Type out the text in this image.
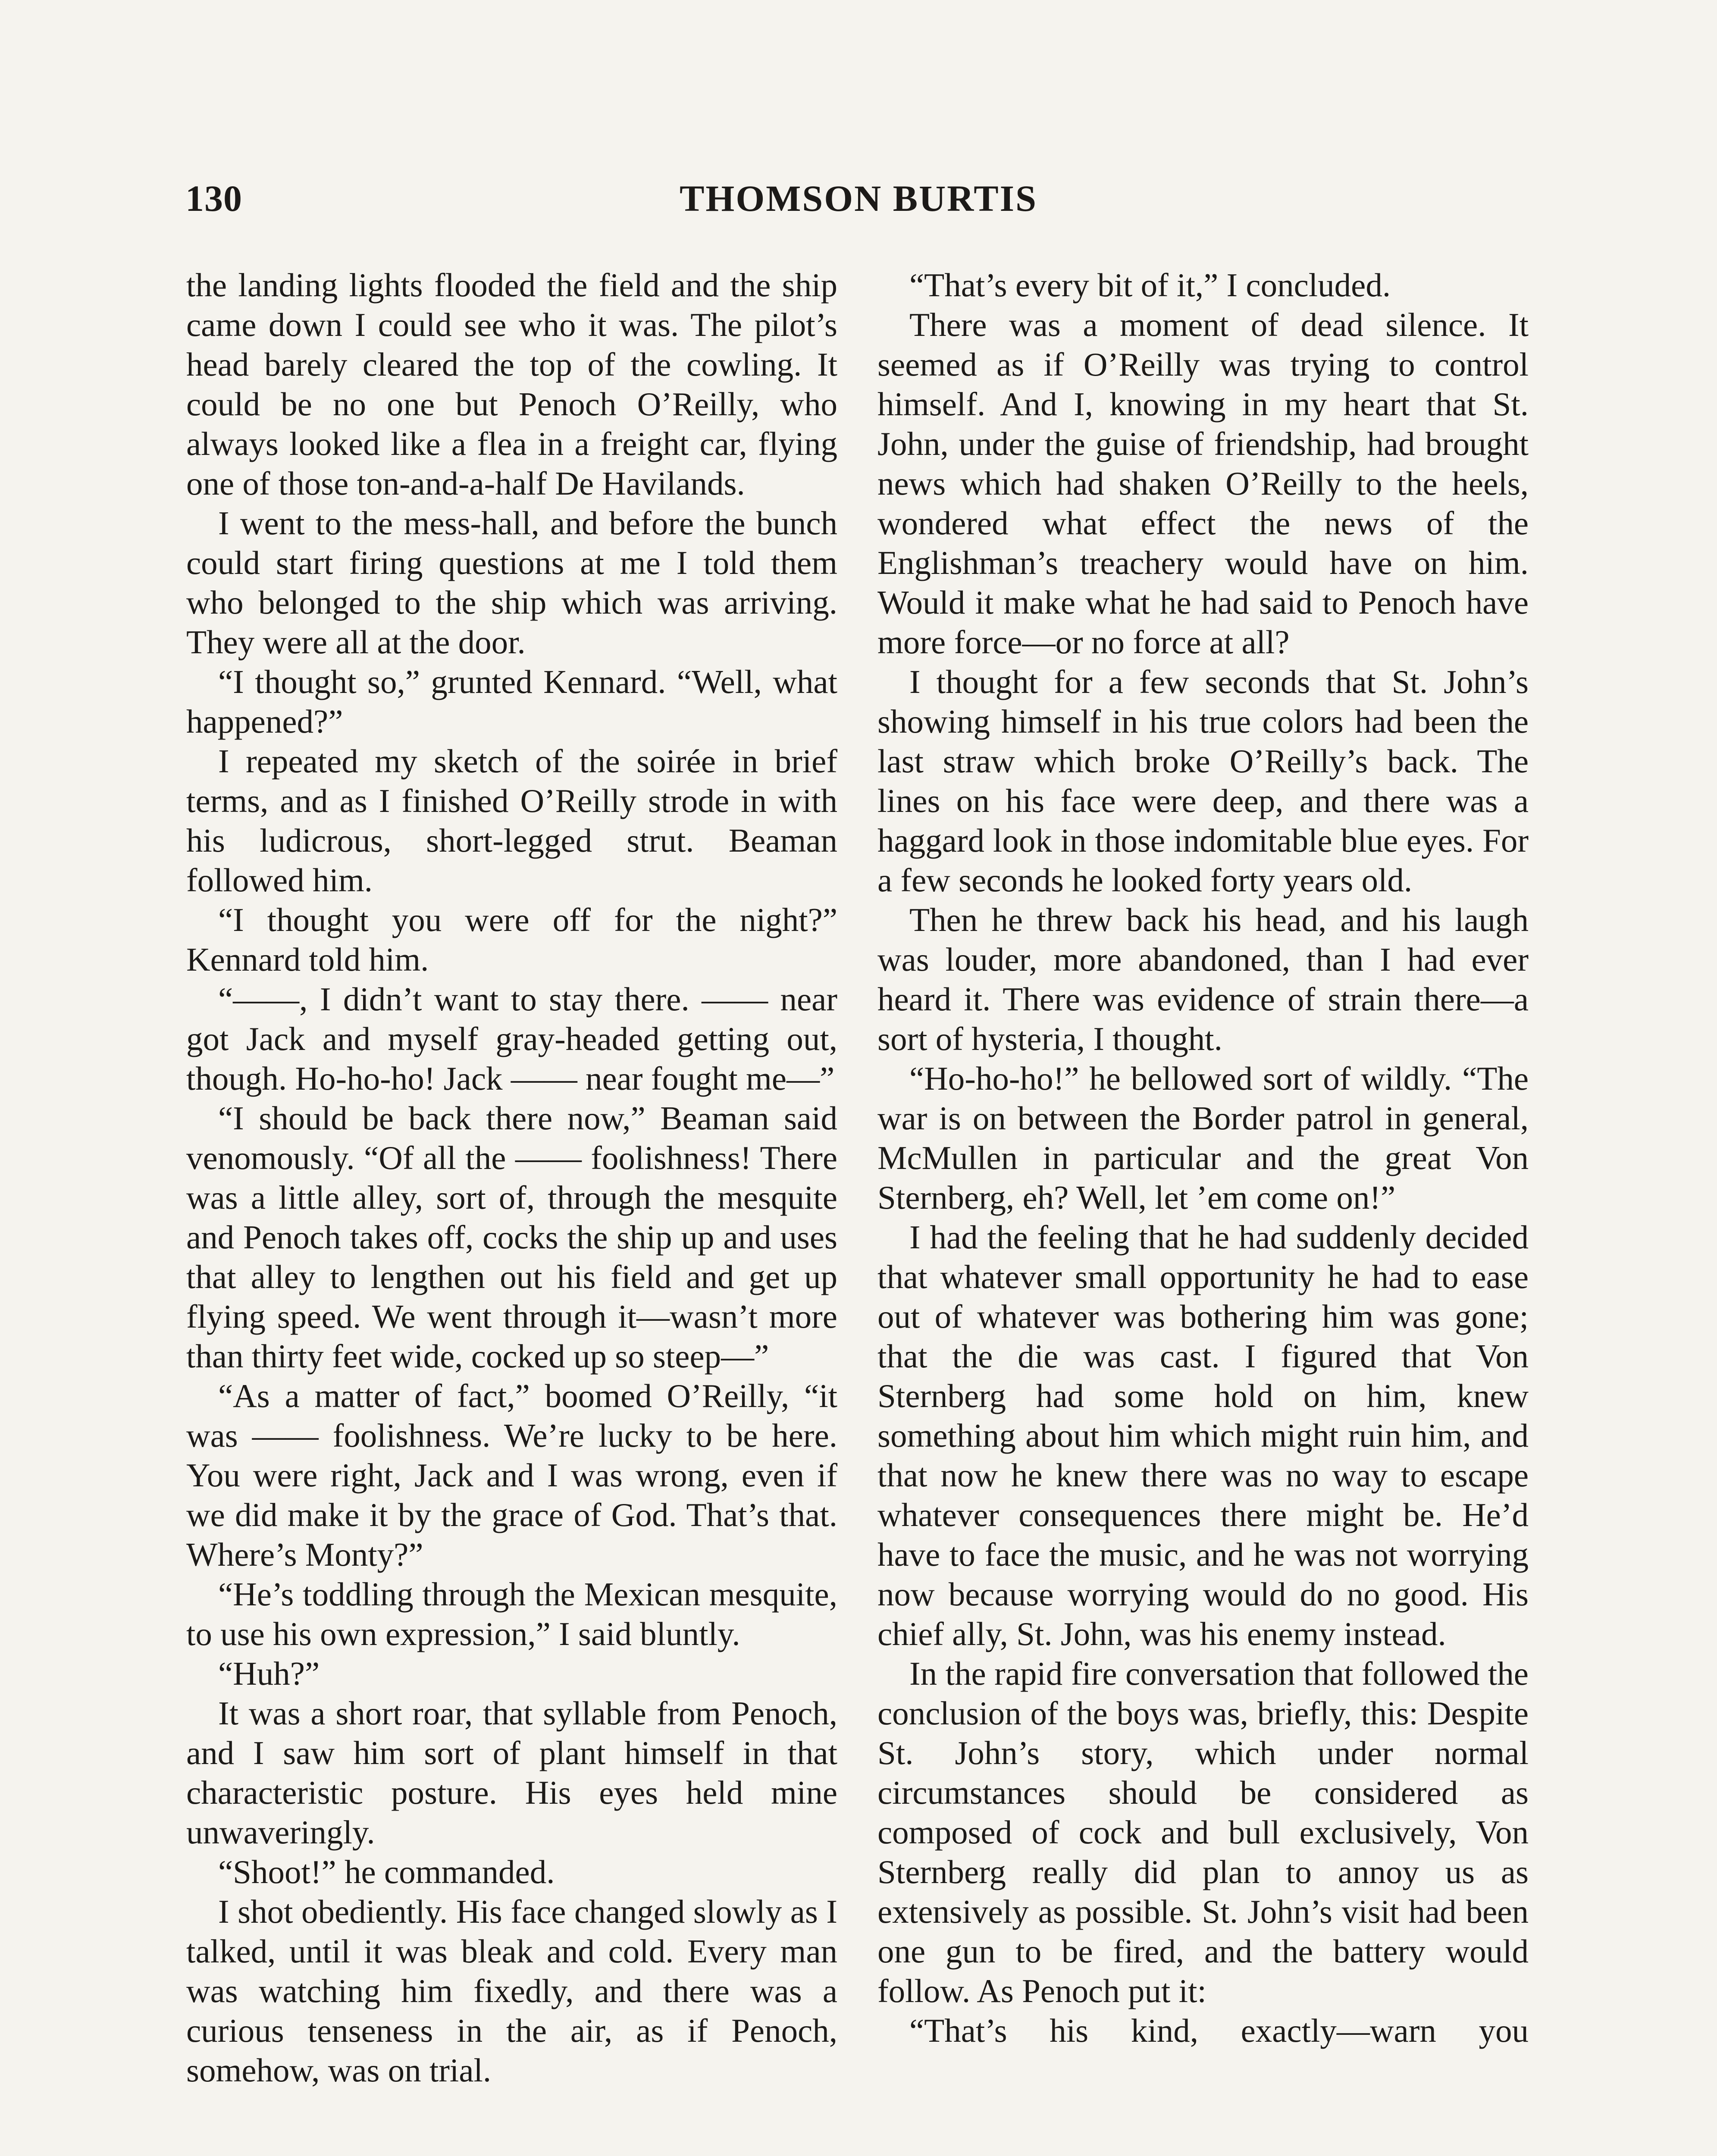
130	THOMSON BURTIS

the landing lights flooded the field and the ship came down I could see who it was. The pilot’s head barely cleared the top of the cowling. It could be no one but Penoch O’Reilly, who always looked like a flea in a freight car, flying one of those ton-and-a-half De Havilands.

I went to the mess-hall, and before the bunch could start firing questions at me I told them who belonged to the ship which was arriving. They were all at the door.

“I thought so,” grunted Kennard. “Well, what happened?”

I repeated my sketch of the soirée in brief terms, and as I finished O’Reilly strode in with his ludicrous, short-legged strut. Beaman followed him.

“I thought you were off for the night?” Kennard told him.

“——, I didn’t want to stay there. —— near got Jack and myself gray-headed getting out, though. Ho-ho-ho! Jack —— near fought me—”

“I should be back there now,” Beaman said venomously. “Of all the —— foolishness! There was a little alley, sort of, through the mesquite and Penoch takes off, cocks the ship up and uses that alley to lengthen out his field and get up flying speed. We went through it—wasn’t more than thirty feet wide, cocked up so steep—”

“As a matter of fact,” boomed O’Reilly, “it was —— foolishness. We’re lucky to be here. You were right, Jack and I was wrong, even if we did make it by the grace of God. That’s that. Where’s Monty?”

“He’s toddling through the Mexican mesquite, to use his own expression,” I said bluntly.

“Huh?”

It was a short roar, that syllable from Penoch, and I saw him sort of plant himself in that characteristic posture. His eyes held mine unwaveringly.

“Shoot!” he commanded.

I shot obediently. His face changed slowly as I talked, until it was bleak and cold. Every man was watching him fixedly, and there was a curious tenseness in the air, as if Penoch, somehow, was on trial.

“That’s every bit of it,” I concluded.

There was a moment of dead silence. It seemed as if O’Reilly was trying to control himself. And I, knowing in my heart that St. John, under the guise of friendship, had brought news which had shaken O’Reilly to the heels, wondered what effect the news of the Englishman’s treachery would have on him. Would it make what he had said to Penoch have more force—or no force at all?

I thought for a few seconds that St. John’s showing himself in his true colors had been the last straw which broke O’Reilly’s back. The lines on his face were deep, and there was a haggard look in those indomitable blue eyes. For a few seconds he looked forty years old.

Then he threw back his head, and his laugh was louder, more abandoned, than I had ever heard it. There was evidence of strain there—a sort of hysteria, I thought.

“Ho-ho-ho!” he bellowed sort of wildly. “The war is on between the Border patrol in general, McMullen in particular and the great Von Sternberg, eh? Well, let ’em come on!”

I had the feeling that he had suddenly decided that whatever small opportunity he had to ease out of whatever was bothering him was gone; that the die was cast. I figured that Von Sternberg had some hold on him, knew something about him which might ruin him, and that now he knew there was no way to escape whatever consequences there might be. He’d have to face the music, and he was not worrying now because worrying would do no good. His chief ally, St. John, was his enemy instead.

In the rapid fire conversation that followed the conclusion of the boys was, briefly, this: Despite St. John’s story, which under normal circumstances should be considered as composed of cock and bull exclusively, Von Sternberg really did plan to annoy us as extensively as possible. St. John’s visit had been one gun to be fired, and the battery would follow. As Penoch put it:

“That’s his kind, exactly—warn you
